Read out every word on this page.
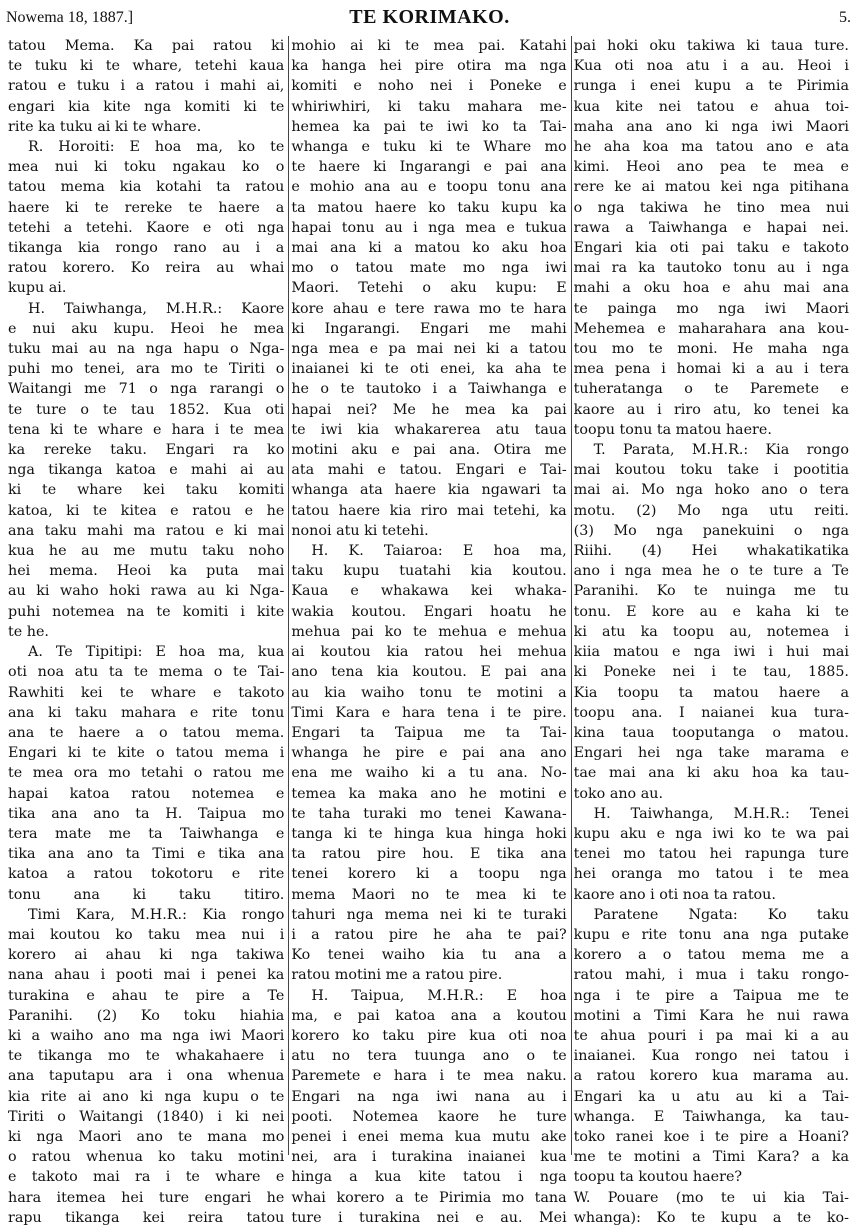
Nowema 18, 1887.]	TE KORIMAKO.	5.
tatou Mema. Ka pai ratou ki
te tuku ki te whare, tetehi kaua
ratou e tuku i a ratou i mahi ai,
engari kia kite nga komiti ki te
rite ka tuku ai ki te whare.
R. Horoiti: E hoa ma, ko te
mea nui ki toku ngakau ko o
tatou mema kia kotahi ta ratou
haere ki te rereke te haere a
tetehi a tetehi. Kaore e oti nga
tikanga kia rongo rano au i a
ratou korero. Ko reira au whai
kupu ai.
H. Taiwhanga, M.H.R.: Kaore
e nui aku kupu. Heoi he mea
tuku mai au na nga hapu o Nga-
puhi mo tenei, ara mo te Tiriti o
Waitangi me 71 o nga rarangi o
te ture o te tau 1852. Kua oti
tena ki te whare e hara i te mea
ka rereke taku. Engari ra ko
nga tikanga katoa e mahi ai au
ki te whare kei taku komiti
katoa, ki te kitea e ratou e he
ana taku mahi ma ratou e ki mai
kua he au me mutu taku noho
hei mema. Heoi ka puta mai
au ki waho hoki rawa au ki Nga-
puhi notemea na te komiti i kite
te he.
A. Te Tipitipi: E hoa ma, kua
oti noa atu ta te mema o te Tai-
Rawhiti kei te whare e takoto
ana ki taku mahara e rite tonu
ana te haere a o tatou mema.
Engari ki te kite o tatou mema i
te mea ora mo tetahi o ratou me
hapai katoa ratou notemea e
tika ana ano ta H. Taipua mo
tera mate me ta Taiwhanga e
tika ana ano ta Timi e tika ana
katoa a ratou tokotoru e rite
tonu ana ki taku titiro.
Timi Kara, M.H.R.: Kia rongo
mai koutou ko taku mea nui i
korero ai ahau ki nga takiwa
nana ahau i pooti mai i penei ka
turakina e ahau te pire a Te
Paranihi. (2) Ko toku hiahia
ki a waiho ano ma nga iwi Maori
te tikanga mo te whakahaere i
ana taputapu ara i ona whenua
kia rite ai ano ki nga kupu o te
Tiriti o Waitangi (1840) i ki nei
ki nga Maori ano te mana mo
o ratou whenua ko taku motini
e takoto mai ra i te whare e
hara itemea hei ture engari he
rapu tikanga kei reira tatou
mohio ai ki te mea pai. Katahi
ka hanga hei pire otira ma nga
komiti e noho nei i Poneke e
whiriwhiri, ki taku mahara me-
hemea ka pai te iwi ko ta Tai-
whanga e tuku ki te Whare mo
te haere ki Ingarangi e pai ana
e mohio ana au e toopu tonu ana
ta matou haere ko taku kupu ka
hapai tonu au i nga mea e tukua
mai ana ki a matou ko aku hoa
mo o tatou mate mo nga iwi
Maori. Tetehi o aku kupu: E
kore ahau e tere rawa mo te hara
ki Ingarangi. Engari me mahi
nga mea e pa mai nei ki a tatou
inaianei ki te oti enei, ka aha te
he o te tautoko i a Taiwhanga e
hapai nei? Me he mea ka pai
te iwi kia whakarerea atu taua
motini aku e pai ana. Otira me
ata mahi e tatou. Engari e Tai-
whanga ata haere kia ngawari ta
tatou haere kia riro mai tetehi, ka
nonoi atu ki tetehi.
H. K. Taiaroa: E hoa ma,
taku kupu tuatahi kia koutou.
Kaua e whakawa kei whaka-
wakia koutou. Engari hoatu he
mehua pai ko te mehua e mehua
ai koutou kia ratou hei mehua
ano tena kia koutou. E pai ana
au kia waiho tonu te motini a
Timi Kara e hara tena i te pire.
Engari ta Taipua me ta Tai-
whanga he pire e pai ana ano
ena me waiho ki a tu ana. No-
temea ka maka ano he motini e
te taha turaki mo tenei Kawana-
tanga ki te hinga kua hinga hoki
ta ratou pire hou. E tika ana
tenei korero ki a toopu nga
mema Maori no te mea ki te
tahuri nga mema nei ki te turaki
i a ratou pire he aha te pai?
Ko tenei waiho kia tu ana a
ratou motini me a ratou pire.
H. Taipua, M.H.R.: E hoa
ma, e pai katoa ana a koutou
korero ko taku pire kua oti noa
atu no tera tuunga ano o te
Paremete e hara i te mea naku.
Engari na nga iwi nana au i
pooti. Notemea kaore he ture
penei i enei mema kua mutu ake
nei, ara i turakina inaianei kua
hinga a kua kite tatou i nga
whai korero a te Pirimia mo tana
ture i turakina nei e au. Mei
pai hoki oku takiwa ki taua ture.
Kua oti noa atu i a au. Heoi i
runga i enei kupu a te Pirimia
kua kite nei tatou e ahua toi-
maha ana ano ki nga iwi Maori
he aha koa ma tatou ano e ata
kimi. Heoi ano pea te mea e
rere ke ai matou kei nga pitihana
o nga takiwa he tino mea nui
rawa a Taiwhanga e hapai nei.
Engari kia oti pai taku e takoto
mai ra ka tautoko tonu au i nga
mahi a oku hoa e ahu mai ana
te painga mo nga iwi Maori
Mehemea e maharahara ana kou-
tou mo te moni. He maha nga
mea pena i homai ki a au i tera
tuheratanga o te Paremete e
kaore au i riro atu, ko tenei ka
toopu tonu ta matou haere.
T. Parata, M.H.R.: Kia rongo
mai koutou toku take i pootitia
mai ai. Mo nga hoko ano o tera
motu. (2) Mo nga utu reiti.
(3) Mo nga panekuini o nga
Riihi. (4) Hei whakatikatika
ano i nga mea he o te ture a Te
Paranihi. Ko te nuinga me tu
tonu. E kore au e kaha ki te
ki atu ka toopu au, notemea i
kiia matou e nga iwi i hui mai
ki Poneke nei i te tau, 1885.
Kia toopu ta matou haere a
toopu ana. I naianei kua tura-
kina taua tooputanga o matou.
Engari hei nga take marama e
tae mai ana ki aku hoa ka tau-
toko ano au.
H. Taiwhanga, M.H.R.: Tenei
kupu aku e nga iwi ko te wa pai
tenei mo tatou hei rapunga ture
hei oranga mo tatou i te mea
kaore ano i oti noa ta ratou.
Paratene Ngata: Ko taku
kupu e rite tonu ana nga putake
korero a o tatou mema me a
ratou mahi, i mua i taku rongo-
nga i te pire a Taipua me te
motini a Timi Kara he nui rawa
te ahua pouri i pa mai ki a au
inaianei. Kua rongo nei tatou i
a ratou korero kua marama au.
Engari ka u atu au ki a Tai-
whanga. E Taiwhanga, ka tau-
toko ranei koe i te pire a Hoani?
me te motini a Timi Kara? a ka
toopu ta koutou haere?
W. Pouare (mo te ui kia Tai-
whanga): Ko te kupu a te ko-
